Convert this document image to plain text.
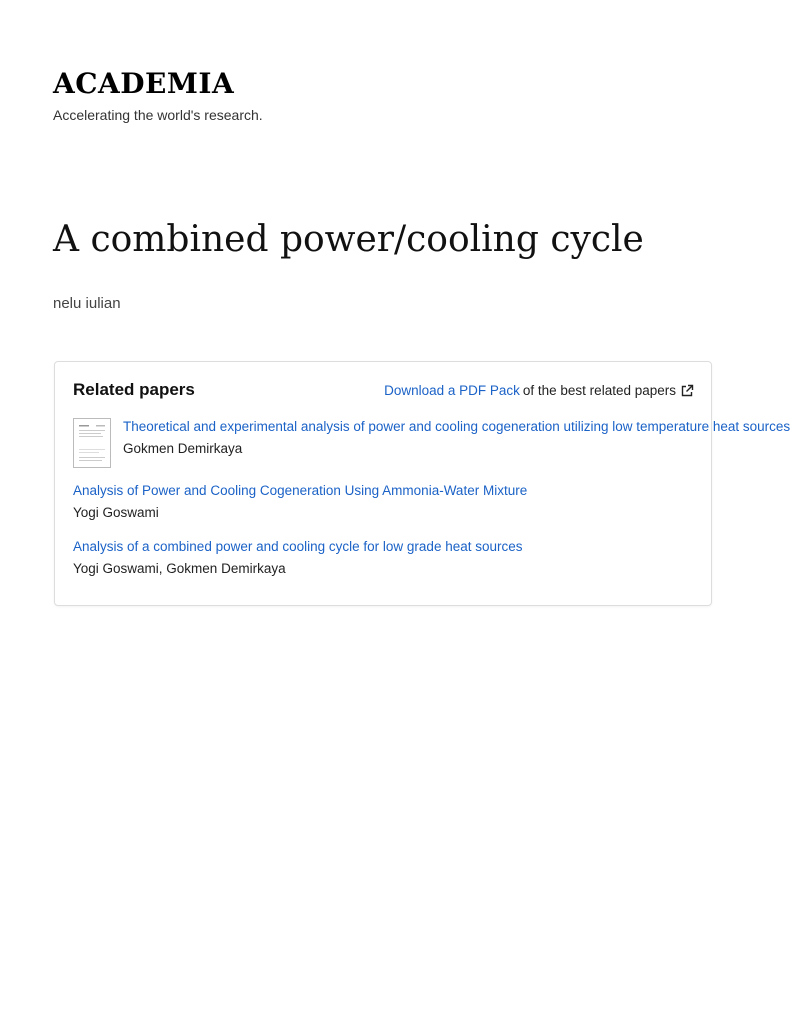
ACADEMIA
Accelerating the world's research.
A combined power/cooling cycle
nelu iulian
Related papers	Download a PDF Pack of the best related papers
Theoretical and experimental analysis of power and cooling cogeneration utilizing low temperature heat sources
Gokmen Demirkaya
Analysis of Power and Cooling Cogeneration Using Ammonia-Water Mixture
Yogi Goswami
Analysis of a combined power and cooling cycle for low grade heat sources
Yogi Goswami, Gokmen Demirkaya
